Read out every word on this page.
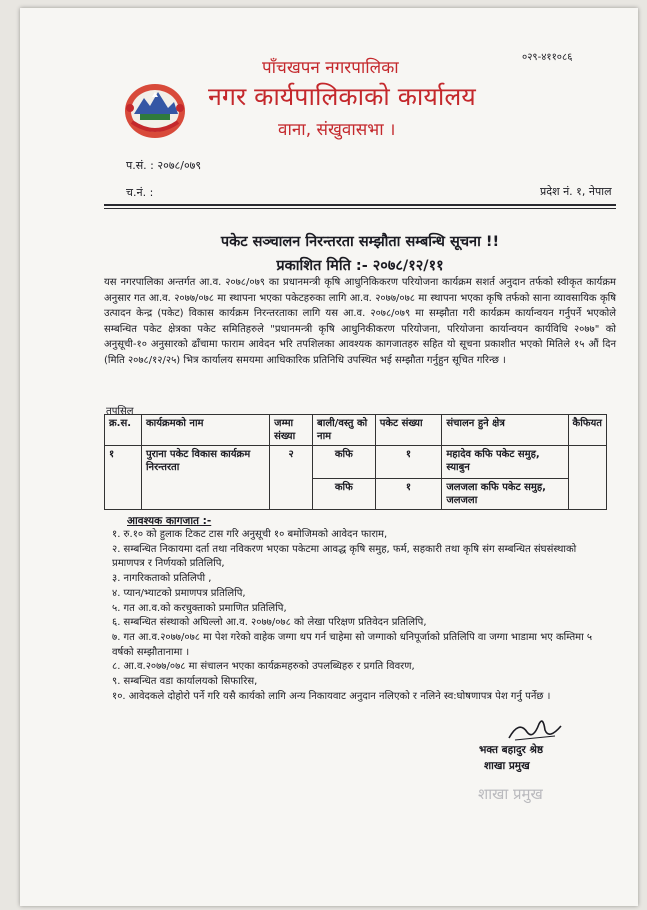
०२९-४११०८६
पाँचखपन नगरपालिका
नगर कार्यपालिकाको कार्यालय
वाना, संखुवासभा ।
प.सं. : २०७८/०७९
च.नं. :	प्रदेश नं. १, नेपाल
पकेट सञ्चालन निरन्तरता सम्झौता सम्बन्धि सूचना !!
प्रकाशित मिति :- २०७८/१२/११
यस नगरपालिका अन्तर्गत आ.व. २०७८/०७९ का प्रधानमन्त्री कृषि आधुनिकिकरण परियोजना कार्यक्रम सशर्त अनुदान तर्फको स्वीकृत कार्यक्रम अनुसार गत आ.व. २०७७/०७८ मा स्थापना भएका पकेटहरुका लागि आ.व. २०७७/०७८ मा स्थापना भएका कृषि तर्फको साना व्यावसायिक कृषि उत्पादन केन्द्र (पकेट) विकास कार्यक्रम निरन्तरताका लागि यस आ.व. २०७८/०७९ मा सम्झौता गरी कार्यक्रम कार्यान्वयन गर्नुपर्ने भएकोले सम्बन्धित पकेट क्षेत्रका पकेट समितिहरुले "प्रधानमन्त्री कृषि आधुनिकीकरण परियोजना, परियोजना कार्यान्वयन कार्यविधि २०७७" को अनुसूची-१० अनुसारको ढाँचामा फाराम आवेदन भरि तपशिलका आवश्यक कागजातहरु सहित यो सूचना प्रकाशीत भएको मितिले १५ औं दिन (मिति २०७८/१२/२५) भित्र कार्यालय समयमा आधिकारिक प्रतिनिधि उपस्थित भई सम्झौता गर्नुहुन सूचित गरिन्छ ।
तपसिल
क्र.स.	कार्यक्रमको नाम	जम्मा संख्या	बाली/वस्तु को नाम	पकेट संख्या	संचालन हुने क्षेत्र	कैफियत
१	पुराना पकेट विकास कार्यक्रम निरन्तरता	२	कफि	१	महादेव कफि पकेट समुह, स्याबुन	
			कफि	१	जलजला कफि पकेट समुह, जलजला	
आवश्यक कागजात :-
१. रु.१० को हुलाक टिकट टास गरि अनुसूची १० बमोजिमको आवेदन फाराम,
२. सम्बन्धित निकायमा दर्ता तथा नविकरण भएका पकेटमा आवद्ध कृषि समुह, फर्म, सहकारी तथा कृषि संग सम्बन्धित संघसंस्थाको प्रमाणपत्र र निर्णयको प्रतिलिपि,
३. नागरिकताको प्रतिलिपी ,
४. प्यान/भ्याटको प्रमाणपत्र प्रतिलिपि,
५. गत आ.व.को करचुक्ताको प्रमाणित प्रतिलिपि,
६. सम्बन्धित संस्थाको अघिल्लो आ.व. २०७७/०७८ को लेखा परिक्षण प्रतिवेदन प्रतिलिपि,
७. गत आ.व.२०७७/०७८ मा पेश गरेको वाहेक जग्गा थप गर्न चाहेमा सो जग्गाको धनिपूर्जाको प्रतिलिपि वा जग्गा भाडामा भए कम्तिमा ५ वर्षको सम्झौतानामा ।
८. आ.व.२०७७/०७८ मा संचालन भएका कार्यक्रमहरुको उपलब्धिहरु र प्रगति विवरण,
९. सम्बन्धित वडा कार्यालयको सिफारिस,
१०. आवेदकले दोहोरो पर्ने गरि यसै कार्यको लागि अन्य निकायवाट अनुदान नलिएको र नलिने स्व:घोषणापत्र पेश गर्नु पर्नेछ ।
भक्त बहादुर श्रेष्ठ
शाखा प्रमुख
शाखा प्रमुख
